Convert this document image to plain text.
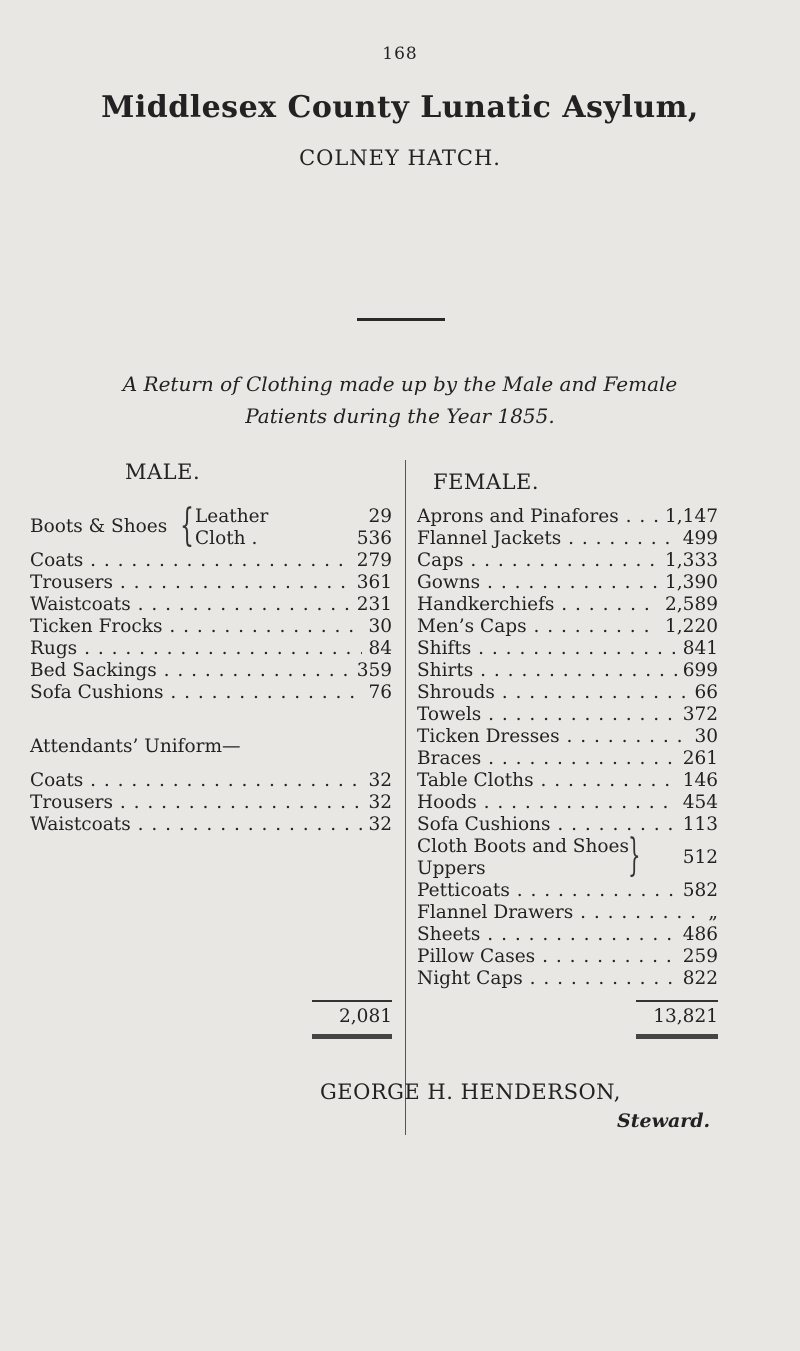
168
Middlesex County Lunatic Asylum,
COLNEY HATCH.
A Return of Clothing made up by the Male and Female
Patients during the Year 1855.
MALE.	FEMALE.
Boots & Shoes { Leather	29
Cloth .	536
Coats . . .	279
Trousers . . .	361
Waistcoats . . .	231
Ticken Frocks . . .	30
Rugs . . .	84
Bed Sackings . . .	359
Sofa Cushions . . .	76
Attendants’ Uniform—
Coats . . .	32
Trousers . . .	32
Waistcoats . . .	32
Aprons and Pinafores . . .	1,147
Flannel Jackets . . .	499
Caps . . .	1,333
Gowns . . .	1,390
Handkerchiefs . . .	2,589
Men’s Caps . . .	1,220
Shifts . . .	841
Shirts . . .	699
Shrouds . . .	66
Towels . . .	372
Ticken Dresses . . .	30
Braces . . .	261
Table Cloths . . .	146
Hoods . . .	454
Sofa Cushions . . .	113
Cloth Boots and Shoes
Uppers	} 512
Petticoats . . .	582
Flannel Drawers . . .	„
Sheets . . .	486
Pillow Cases . . .	259
Night Caps . . .	822
2,081	13,821
GEORGE H. HENDERSON,
Steward.
